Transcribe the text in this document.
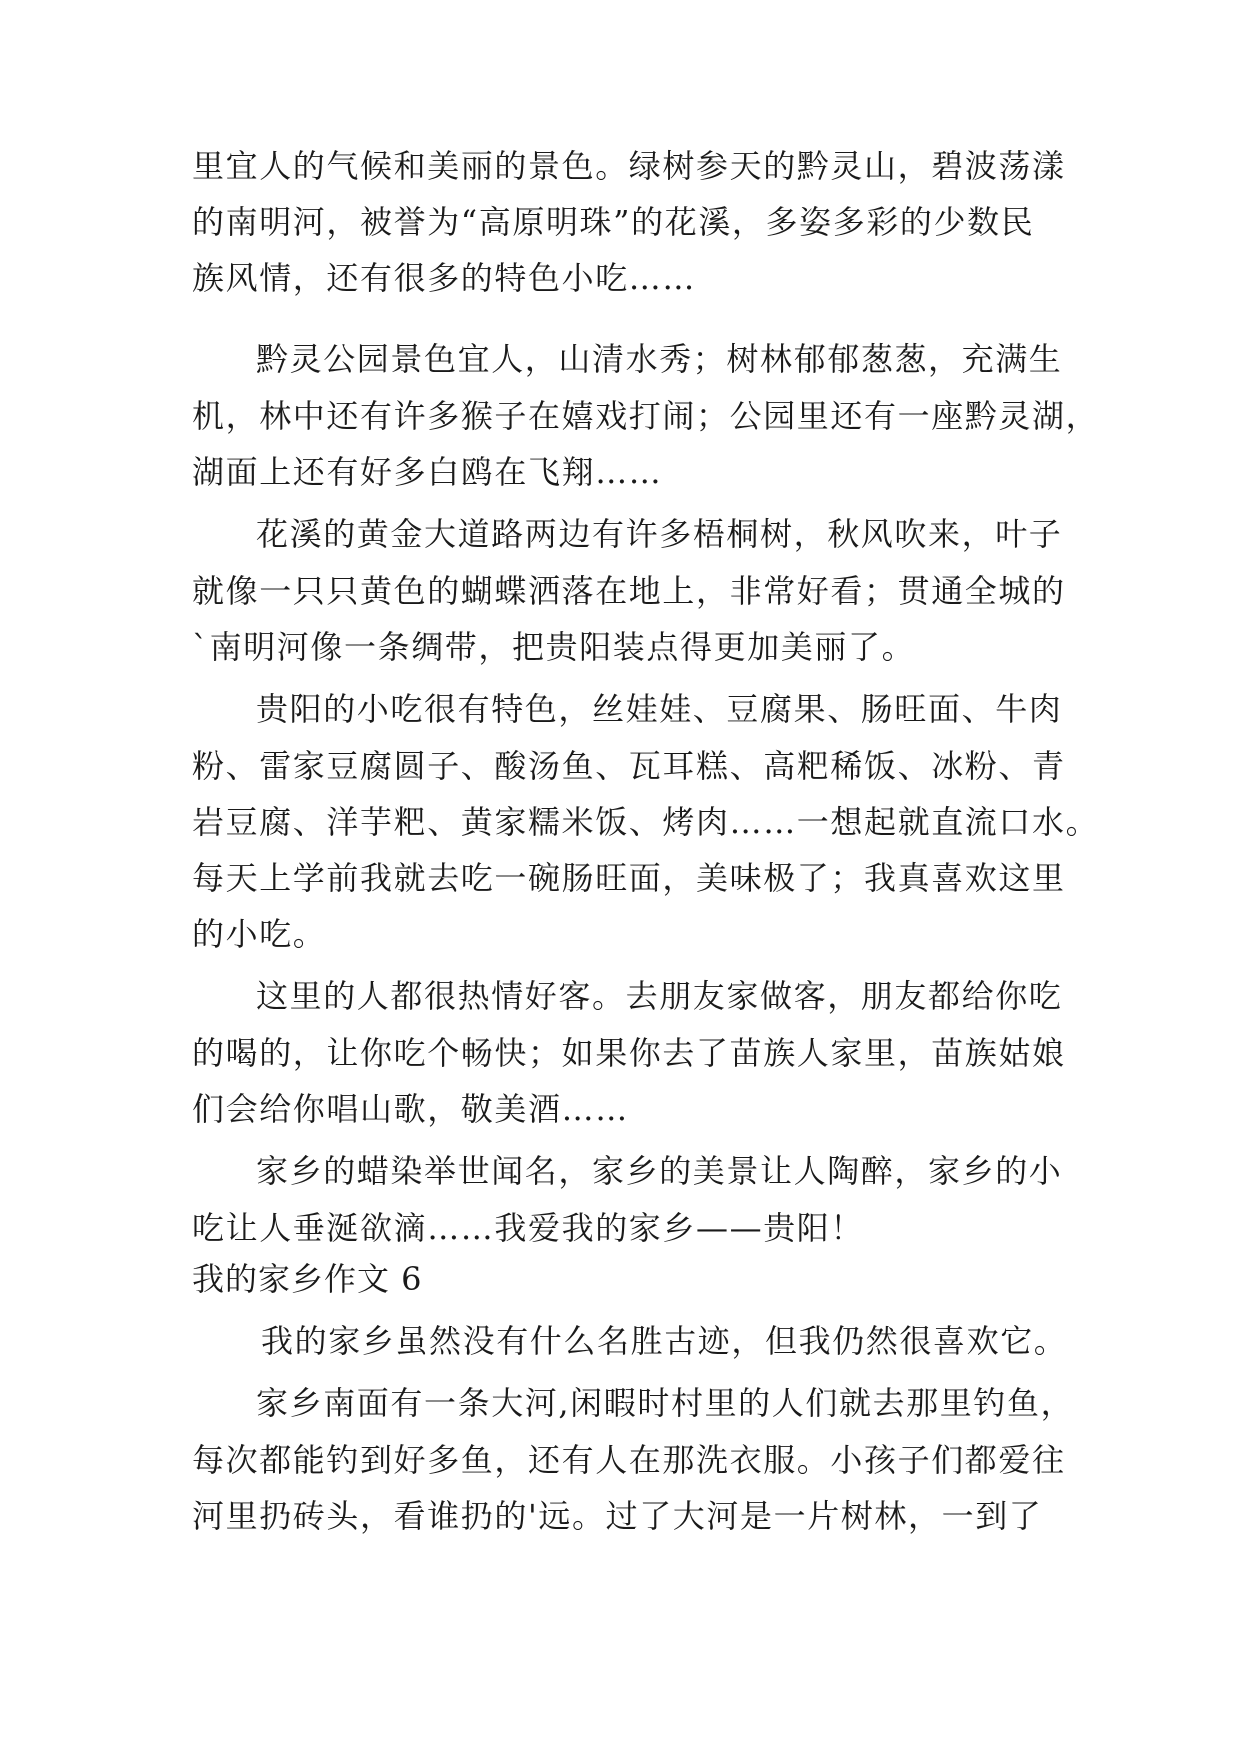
里宜人的气候和美丽的景色。绿树参天的黔灵山，碧波荡漾
的南明河，被誉为“高原明珠”的花溪，多姿多彩的少数民
族风情，还有很多的特色小吃……
黔灵公园景色宜人，山清水秀；树林郁郁葱葱，充满生
机，林中还有许多猴子在嬉戏打闹；公园里还有一座黔灵湖，
湖面上还有好多白鸥在飞翔……
花溪的黄金大道路两边有许多梧桐树，秋风吹来，叶子
就像一只只黄色的蝴蝶洒落在地上，非常好看；贯通全城的
`南明河像一条绸带，把贵阳装点得更加美丽了。
贵阳的小吃很有特色，丝娃娃、豆腐果、肠旺面、牛肉
粉、雷家豆腐圆子、酸汤鱼、瓦耳糕、高粑稀饭、冰粉、青
岩豆腐、洋芋粑、黄家糯米饭、烤肉……一想起就直流口水。
每天上学前我就去吃一碗肠旺面，美味极了；我真喜欢这里
的小吃。
这里的人都很热情好客。去朋友家做客，朋友都给你吃
的喝的，让你吃个畅快；如果你去了苗族人家里，苗族姑娘
们会给你唱山歌，敬美酒……
家乡的蜡染举世闻名，家乡的美景让人陶醉，家乡的小
吃让人垂涎欲滴……我爱我的家乡——贵阳！
我的家乡作文 6
我的家乡虽然没有什么名胜古迹，但我仍然很喜欢它。
家乡南面有一条大河,闲暇时村里的人们就去那里钓鱼，
每次都能钓到好多鱼，还有人在那洗衣服。小孩子们都爱往
河里扔砖头，看谁扔的'远。过了大河是一片树林，一到了
